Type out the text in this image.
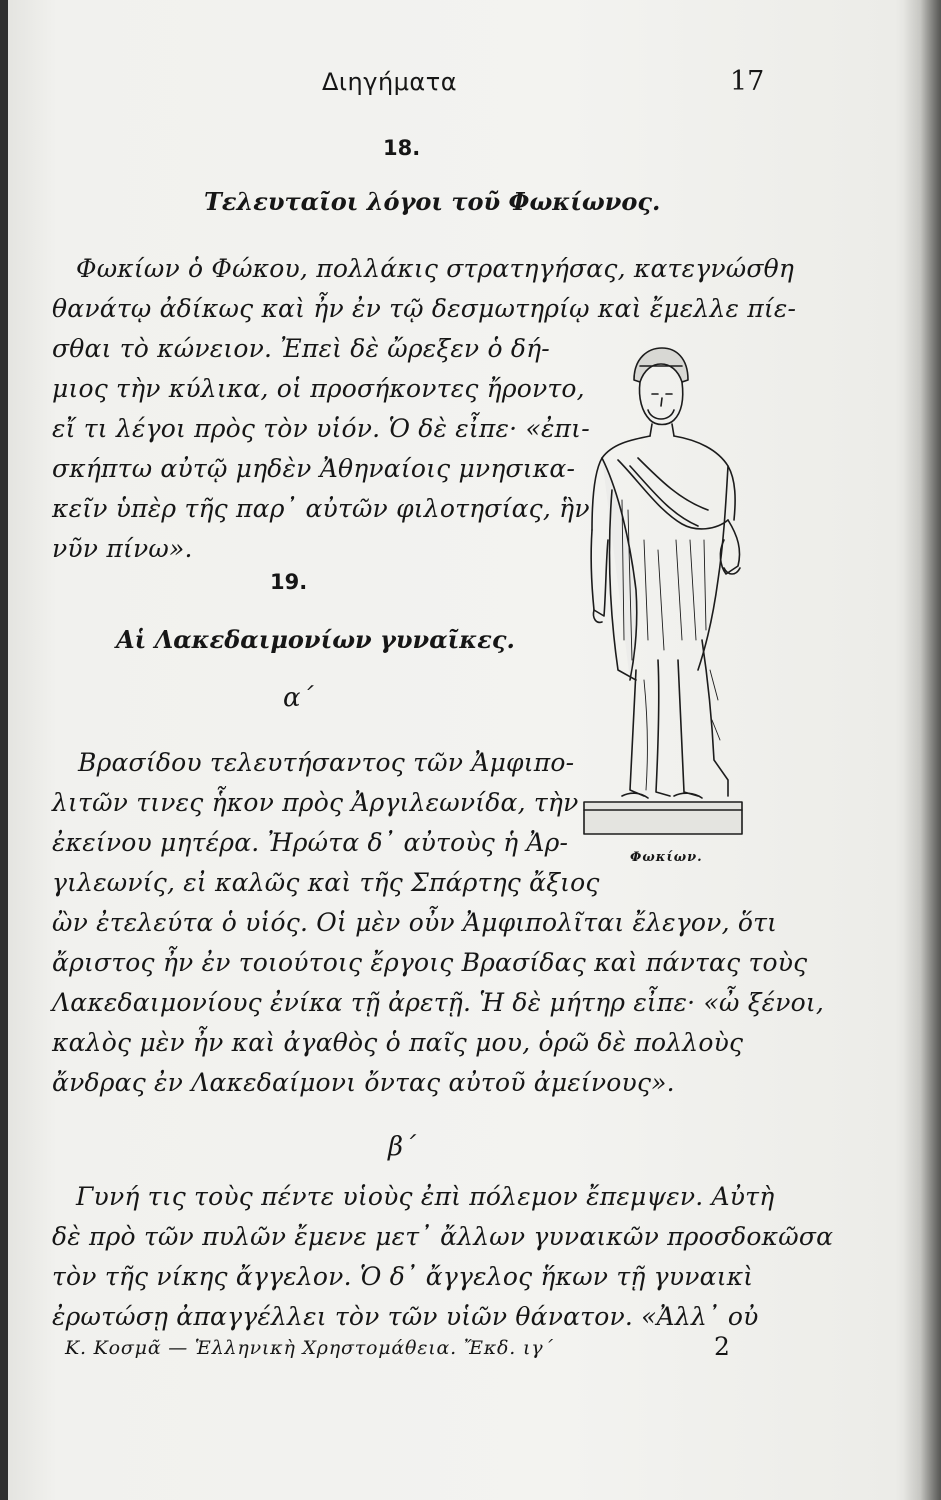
Διηγήματα	17
18.
Τελευταῖοι λόγοι τοῦ Φωκίωνος.
Φωκίων ὁ Φώκου, πολλάκις στρατηγήσας, κατεγνώσθη
θανάτῳ ἀδίκως καὶ ἦν ἐν τῷ δεσμωτηρίῳ καὶ ἔμελλε πίε-
σθαι τὸ κώνειον. Ἐπεὶ δὲ ὤρεξεν ὁ δή-
μιος τὴν κύλικα, οἱ προσήκοντες ἤροντο,
εἴ τι λέγοι πρὸς τὸν υἱόν. Ὁ δὲ εἶπε· «ἐπι-
σκήπτω αὐτῷ μηδὲν Ἀθηναίοις μνησικα-
κεῖν ὑπὲρ τῆς παρ᾽ αὐτῶν φιλοτησίας, ἣν
νῦν πίνω».
19.
Αἱ Λακεδαιμονίων γυναῖκες.
α΄
Βρασίδου τελευτήσαντος τῶν Ἀμφιπο-
λιτῶν τινες ἧκον πρὸς Ἀργιλεωνίδα, τὴν
ἐκείνου μητέρα. Ἠρώτα δ᾽ αὐτοὺς ἡ Ἀρ-
γιλεωνίς, εἰ καλῶς καὶ τῆς Σπάρτης ἄξιος
ὢν ἐτελεύτα ὁ υἱός. Οἱ μὲν οὖν Ἀμφιπολῖται ἔλεγον, ὅτι
ἄριστος ἦν ἐν τοιούτοις ἔργοις Βρασίδας καὶ πάντας τοὺς
Λακεδαιμονίους ἐνίκα τῇ ἀρετῇ. Ἡ δὲ μήτηρ εἶπε· «ὦ ξένοι,
καλὸς μὲν ἦν καὶ ἀγαθὸς ὁ παῖς μου, ὁρῶ δὲ πολλοὺς
ἄνδρας ἐν Λακεδαίμονι ὄντας αὐτοῦ ἀμείνους».
β΄
Γυνή τις τοὺς πέντε υἱοὺς ἐπὶ πόλεμον ἔπεμψεν. Αὐτὴ
δὲ πρὸ τῶν πυλῶν ἔμενε μετ᾽ ἄλλων γυναικῶν προσδοκῶσα
τὸν τῆς νίκης ἄγγελον. Ὁ δ᾽ ἄγγελος ἥκων τῇ γυναικὶ
ἐρωτώσῃ ἀπαγγέλλει τὸν τῶν υἱῶν θάνατον. «Ἀλλ᾽ οὐ
Φωκίων.
Κ. Κοσμᾶ — Ἑλληνικὴ Χρηστομάθεια. Ἔκδ. ιγ΄	2
